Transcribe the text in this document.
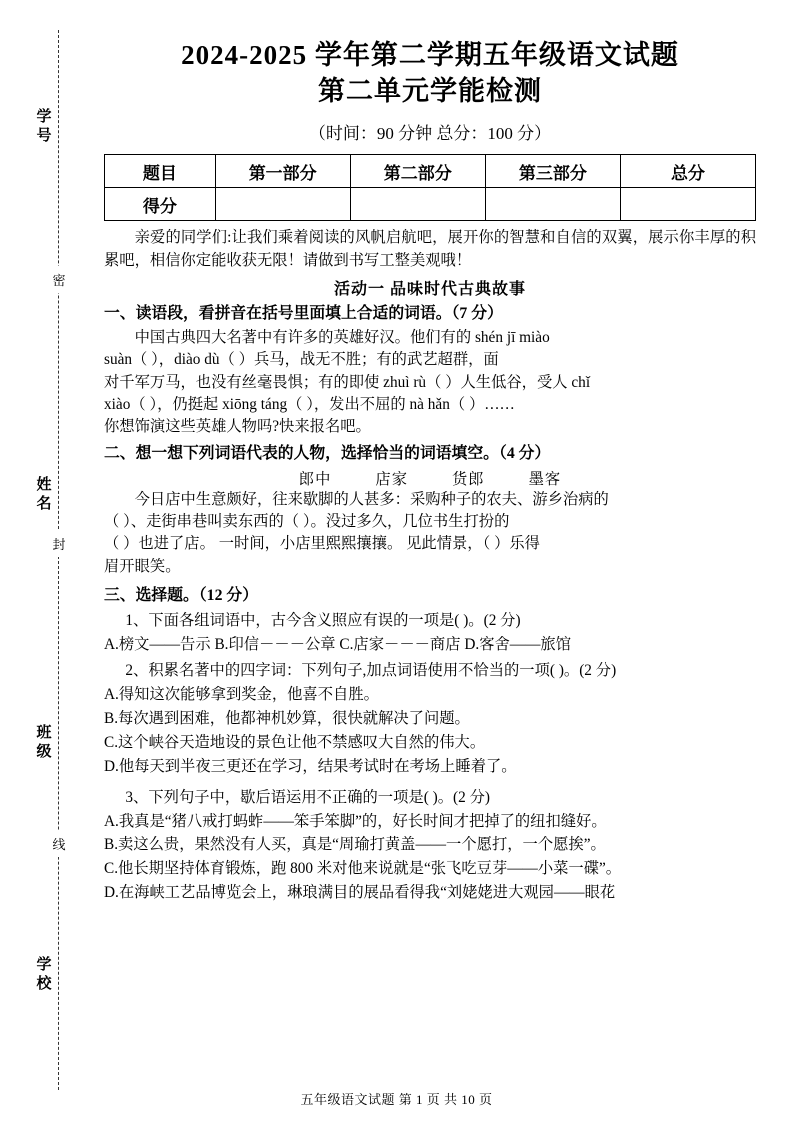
学 号
密
姓 名
封
班 级
线
学 校
2024-2025 学年第二学期五年级语文试题
第二单元学能检测
（时间：90 分钟 总分：100 分）
题目	第一部分	第二部分	第三部分	总分
得分				

亲爱的同学们:让我们乘着阅读的风帆启航吧，展开你的智慧和自信的双翼，展示你丰厚的积累吧，相信你定能收获无限！请做到书写工整美观哦！

活动一 品味时代古典故事

一、读语段，看拼音在括号里面填上合适的词语。（7 分）

中国古典四大名著中有许多的英雄好汉。他们有的 shén jī miào

suàn（ ），diào dù（ ）兵马，战无不胜；有的武艺超群，面

对千军万马，也没有丝毫畏惧；有的即使 zhuì rù（ ）人生低谷，受人 chǐ

xiào（ ），仍挺起 xiōng táng（ ），发出不屈的 nà hǎn（ ）……

你想饰演这些英雄人物吗?快来报名吧。

二、想一想下列词语代表的人物，选择恰当的词语填空。（4 分）

郎中	店家	货郎	墨客

今日店中生意颇好，往来歇脚的人甚多：采购种子的农夫、游乡治病的

（ ）、走街串巷叫卖东西的（ ）。没过多久，几位书生打扮的

（ ）也进了店。 一时间，小店里熙熙攘攘。 见此情景，（ ）乐得

眉开眼笑。

三、选择题。（12 分）

1、下面各组词语中，古今含义照应有误的一项是( )。(2 分)

A.榜文——告示 B.印信－－－公章 C.店家－－－商店 D.客舍——旅馆

2、积累名著中的四字词：下列句子,加点词语使用不恰当的一项( )。(2 分)

A.得知这次能够拿到奖金，他喜不自胜。

B.每次遇到困难，他都神机妙算，很快就解决了问题。

C.这个峡谷天造地设的景色让他不禁感叹大自然的伟大。

D.他每天到半夜三更还在学习，结果考试时在考场上睡着了。

3、下列句子中，歇后语运用不正确的一项是( )。(2 分)

A.我真是“猪八戒打蚂蚱——笨手笨脚”的，好长时间才把掉了的纽扣缝好。

B.卖这么贵，果然没有人买，真是“周瑜打黄盖——一个愿打，一个愿挨”。

C.他长期坚持体育锻炼，跑 800 米对他来说就是“张飞吃豆芽——小菜一碟”。

D.在海峡工艺品博览会上，琳琅满目的展品看得我“刘姥姥进大观园——眼花

五年级语文试题 第 1 页 共 10 页
